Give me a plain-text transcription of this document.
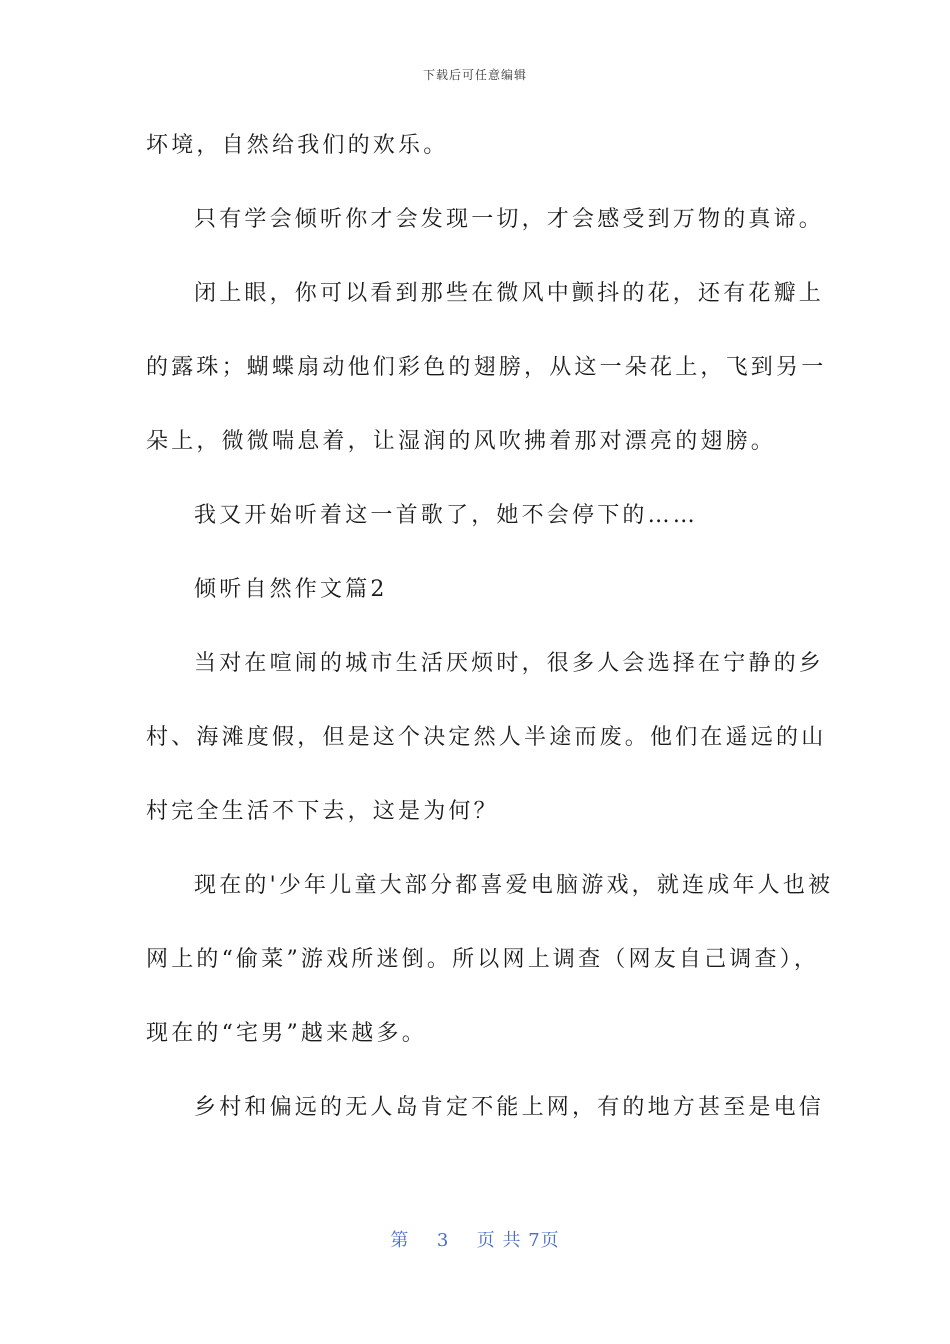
下载后可任意编辑
坏境，自然给我们的欢乐。
只有学会倾听你才会发现一切，才会感受到万物的真谛。
闭上眼，你可以看到那些在微风中颤抖的花，还有花瓣上
的露珠；蝴蝶扇动他们彩色的翅膀，从这一朵花上，飞到另一
朵上，微微喘息着，让湿润的风吹拂着那对漂亮的翅膀。
我又开始听着这一首歌了，她不会停下的……
倾听自然作文篇2
当对在喧闹的城市生活厌烦时，很多人会选择在宁静的乡
村、海滩度假，但是这个决定然人半途而废。他们在遥远的山
村完全生活不下去，这是为何？
现在的'少年儿童大部分都喜爱电脑游戏，就连成年人也被
网上的“偷菜”游戏所迷倒。所以网上调查（网友自己调查），
现在的“宅男”越来越多。
乡村和偏远的无人岛肯定不能上网，有的地方甚至是电信
第 3 页 共 7页
